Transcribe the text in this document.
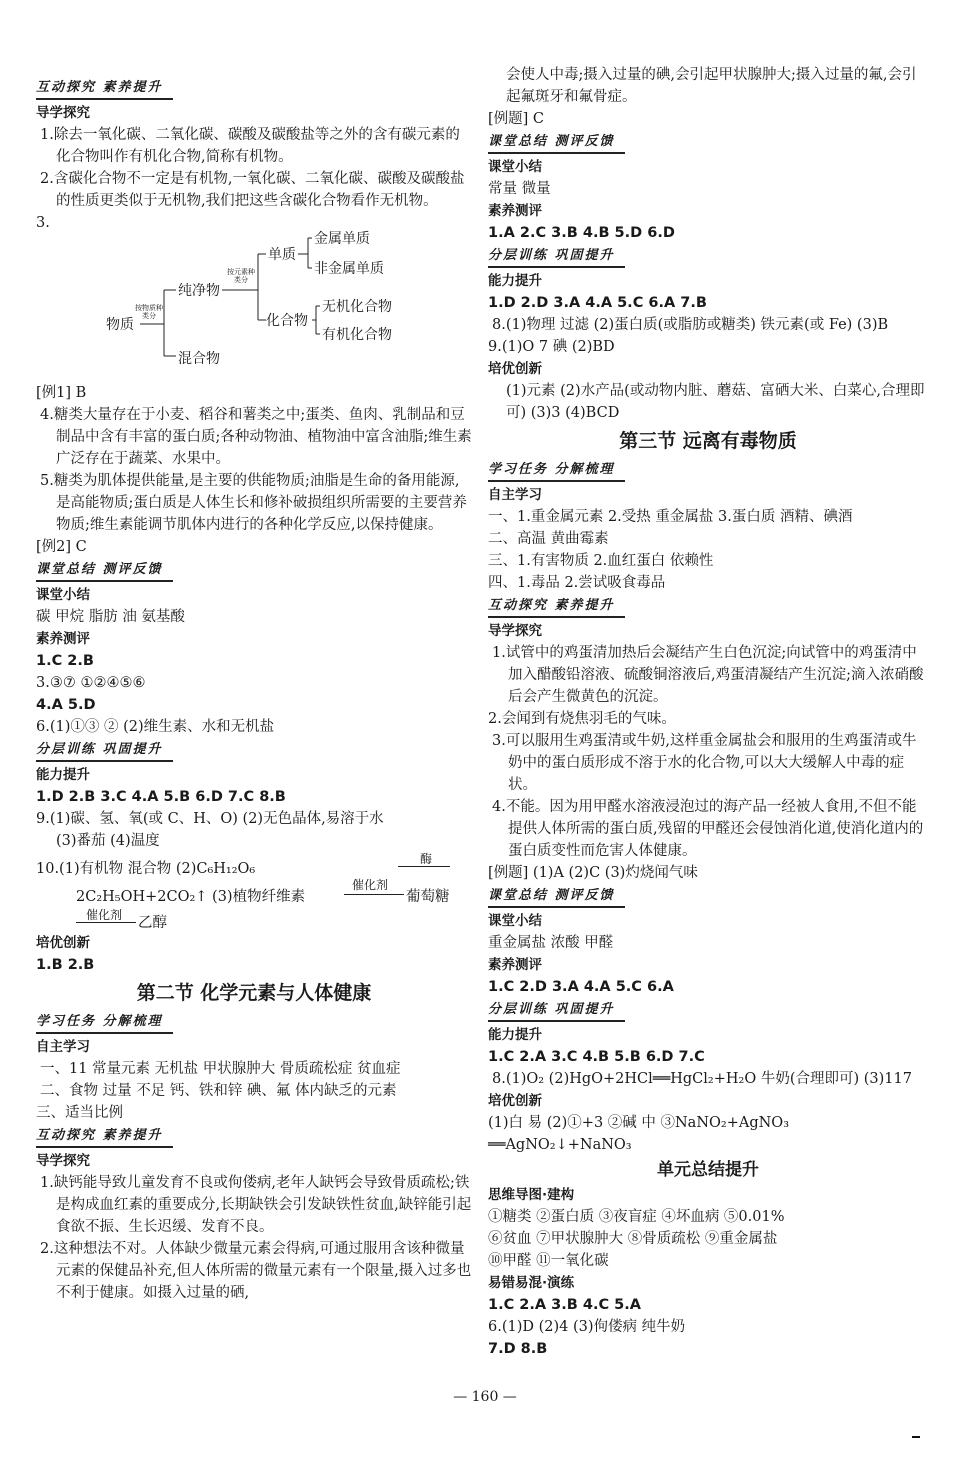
互动探究 素养提升
导学探究

1.除去一氧化碳、二氧化碳、碳酸及碳酸盐等之外的含有碳元素的化合物叫作有机化合物,简称有机物。

2.含碳化合物不一定是有机物,一氧化碳、二氧化碳、碳酸及碳酸盐的性质更类似于无机物,我们把这些含碳化合物看作无机物。

3.

物质
按物质种类分
纯净物
混合物
按元素种类分
单质
化合物
金属单质
非金属单质
无机化合物
有机化合物

[例1] B

4.糖类大量存在于小麦、稻谷和薯类之中;蛋类、鱼肉、乳制品和豆制品中含有丰富的蛋白质;各种动物油、植物油中富含油脂;维生素广泛存在于蔬菜、水果中。

5.糖类为肌体提供能量,是主要的供能物质;油脂是生命的备用能源,是高能物质;蛋白质是人体生长和修补破损组织所需要的主要营养物质;维生素能调节肌体内进行的各种化学反应,以保持健康。

[例2] C

课堂总结 测评反馈
课堂小结

碳 甲烷 脂肪 油 氨基酸

素养测评

1.C 2.B

3.③⑦ ①②④⑤⑥

4.A 5.D

6.(1)①③ ② (2)维生素、水和无机盐

分层训练 巩固提升
能力提升

1.D 2.B 3.C 4.A 5.B 6.D 7.C 8.B

9.(1)碳、氢、氧(或 C、H、O) (2)无色晶体,易溶于水

(3)番茄 (4)温度

10.(1)有机物 混合物 (2)C₆H₁₂O₆
酶
2C₂H₅OH+2CO₂↑ (3)植物纤维素
催化剂
葡萄糖
催化剂 乙醇
培优创新

1.B 2.B

第二节 化学元素与人体健康
学习任务 分解梳理
自主学习

一、11 常量元素 无机盐 甲状腺肿大 骨质疏松症 贫血症

二、食物 过量 不足 钙、铁和锌 碘、氟 体内缺乏的元素

三、适当比例

互动探究 素养提升
导学探究

1.缺钙能导致儿童发育不良或佝偻病,老年人缺钙会导致骨质疏松;铁是构成血红素的重要成分,长期缺铁会引发缺铁性贫血,缺锌能引起食欲不振、生长迟缓、发育不良。

2.这种想法不对。人体缺少微量元素会得病,可通过服用含该种微量元素的保健品补充,但人体所需的微量元素有一个限量,摄入过多也不利于健康。如摄入过量的硒,

会使人中毒;摄入过量的碘,会引起甲状腺肿大;摄入过量的氟,会引起氟斑牙和氟骨症。

[例题] C

课堂总结 测评反馈
课堂小结

常量 微量

素养测评

1.A 2.C 3.B 4.B 5.D 6.D

分层训练 巩固提升
能力提升

1.D 2.D 3.A 4.A 5.C 6.A 7.B

8.(1)物理 过滤 (2)蛋白质(或脂肪或糖类) 铁元素(或 Fe) (3)B

9.(1)O 7 碘 (2)BD

培优创新

(1)元素 (2)水产品(或动物内脏、蘑菇、富硒大米、白菜心,合理即可) (3)3 (4)BCD

第三节 远离有毒物质
学习任务 分解梳理
自主学习

一、1.重金属元素 2.受热 重金属盐 3.蛋白质 酒精、碘酒

二、高温 黄曲霉素

三、1.有害物质 2.血红蛋白 依赖性

四、1.毒品 2.尝试吸食毒品

互动探究 素养提升
导学探究

1.试管中的鸡蛋清加热后会凝结产生白色沉淀;向试管中的鸡蛋清中加入醋酸铅溶液、硫酸铜溶液后,鸡蛋清凝结产生沉淀;滴入浓硝酸后会产生微黄色的沉淀。

2.会闻到有烧焦羽毛的气味。

3.可以服用生鸡蛋清或牛奶,这样重金属盐会和服用的生鸡蛋清或牛奶中的蛋白质形成不溶于水的化合物,可以大大缓解人中毒的症状。

4.不能。因为用甲醛水溶液浸泡过的海产品一经被人食用,不但不能提供人体所需的蛋白质,残留的甲醛还会侵蚀消化道,使消化道内的蛋白质变性而危害人体健康。

[例题] (1)A (2)C (3)灼烧闻气味

课堂总结 测评反馈
课堂小结

重金属盐 浓酸 甲醛

素养测评

1.C 2.D 3.A 4.A 5.C 6.A

分层训练 巩固提升
能力提升

1.C 2.A 3.C 4.B 5.B 6.D 7.C

8.(1)O₂ (2)HgO+2HCl══HgCl₂+H₂O 牛奶(合理即可) (3)117

培优创新

(1)白 易 (2)①+3 ②碱 中 ③NaNO₂+AgNO₃

══AgNO₂↓+NaNO₃

单元总结提升
思维导图·建构

①糖类 ②蛋白质 ③夜盲症 ④坏血病 ⑤0.01%

⑥贫血 ⑦甲状腺肿大 ⑧骨质疏松 ⑨重金属盐

⑩甲醛 ⑪一氧化碳

易错易混·演练

1.C 2.A 3.B 4.C 5.A

6.(1)D (2)4 (3)佝偻病 纯牛奶

7.D 8.B

— 160 —
